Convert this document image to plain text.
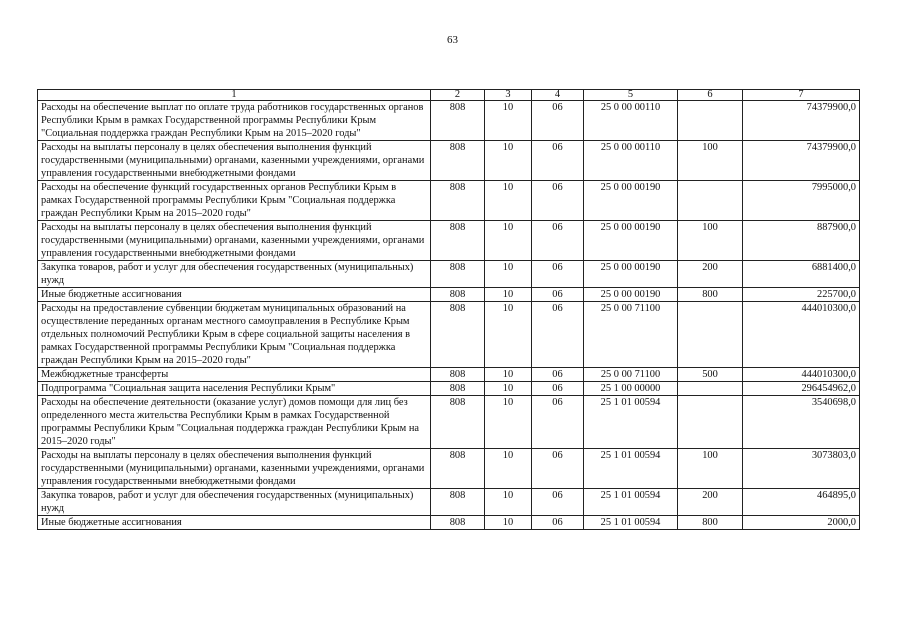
63
1	2	3	4	5	6	7
Расходы на обеспечение выплат по оплате труда работников государственных органов Республики Крым в рамках Государственной программы Республики Крым "Социальная поддержка граждан Республики Крым на 2015–2020 годы"	808	10	06	25 0 00 00110		74379900,0
Расходы на выплаты персоналу в целях обеспечения выполнения функций государственными (муниципальными) органами, казенными учреждениями, органами управления государственными внебюджетными фондами	808	10	06	25 0 00 00110	100	74379900,0
Расходы на обеспечение функций государственных органов Республики Крым в рамках Государственной программы Республики Крым "Социальная поддержка граждан Республики Крым на 2015–2020 годы"	808	10	06	25 0 00 00190		7995000,0
Расходы на выплаты персоналу в целях обеспечения выполнения функций государственными (муниципальными) органами, казенными учреждениями, органами управления государственными внебюджетными фондами	808	10	06	25 0 00 00190	100	887900,0
Закупка товаров, работ и услуг для обеспечения государственных (муниципальных) нужд	808	10	06	25 0 00 00190	200	6881400,0
Иные бюджетные ассигнования	808	10	06	25 0 00 00190	800	225700,0
Расходы на предоставление субвенции бюджетам муниципальных образований на осуществление переданных органам местного самоуправления в Республике Крым отдельных полномочий Республики Крым в сфере социальной защиты населения в рамках Государственной программы Республики Крым "Социальная поддержка граждан Республики Крым на 2015–2020 годы"	808	10	06	25 0 00 71100		444010300,0
Межбюджетные трансферты	808	10	06	25 0 00 71100	500	444010300,0
Подпрограмма "Социальная защита населения Республики Крым"	808	10	06	25 1 00 00000		296454962,0
Расходы на обеспечение деятельности (оказание услуг) домов помощи для лиц без определенного места жительства Республики Крым в рамках Государственной программы Республики Крым "Социальная поддержка граждан Республики Крым на 2015–2020 годы"	808	10	06	25 1 01 00594		3540698,0
Расходы на выплаты персоналу в целях обеспечения выполнения функций государственными (муниципальными) органами, казенными учреждениями, органами управления государственными внебюджетными фондами	808	10	06	25 1 01 00594	100	3073803,0
Закупка товаров, работ и услуг для обеспечения государственных (муниципальных) нужд	808	10	06	25 1 01 00594	200	464895,0
Иные бюджетные ассигнования	808	10	06	25 1 01 00594	800	2000,0
